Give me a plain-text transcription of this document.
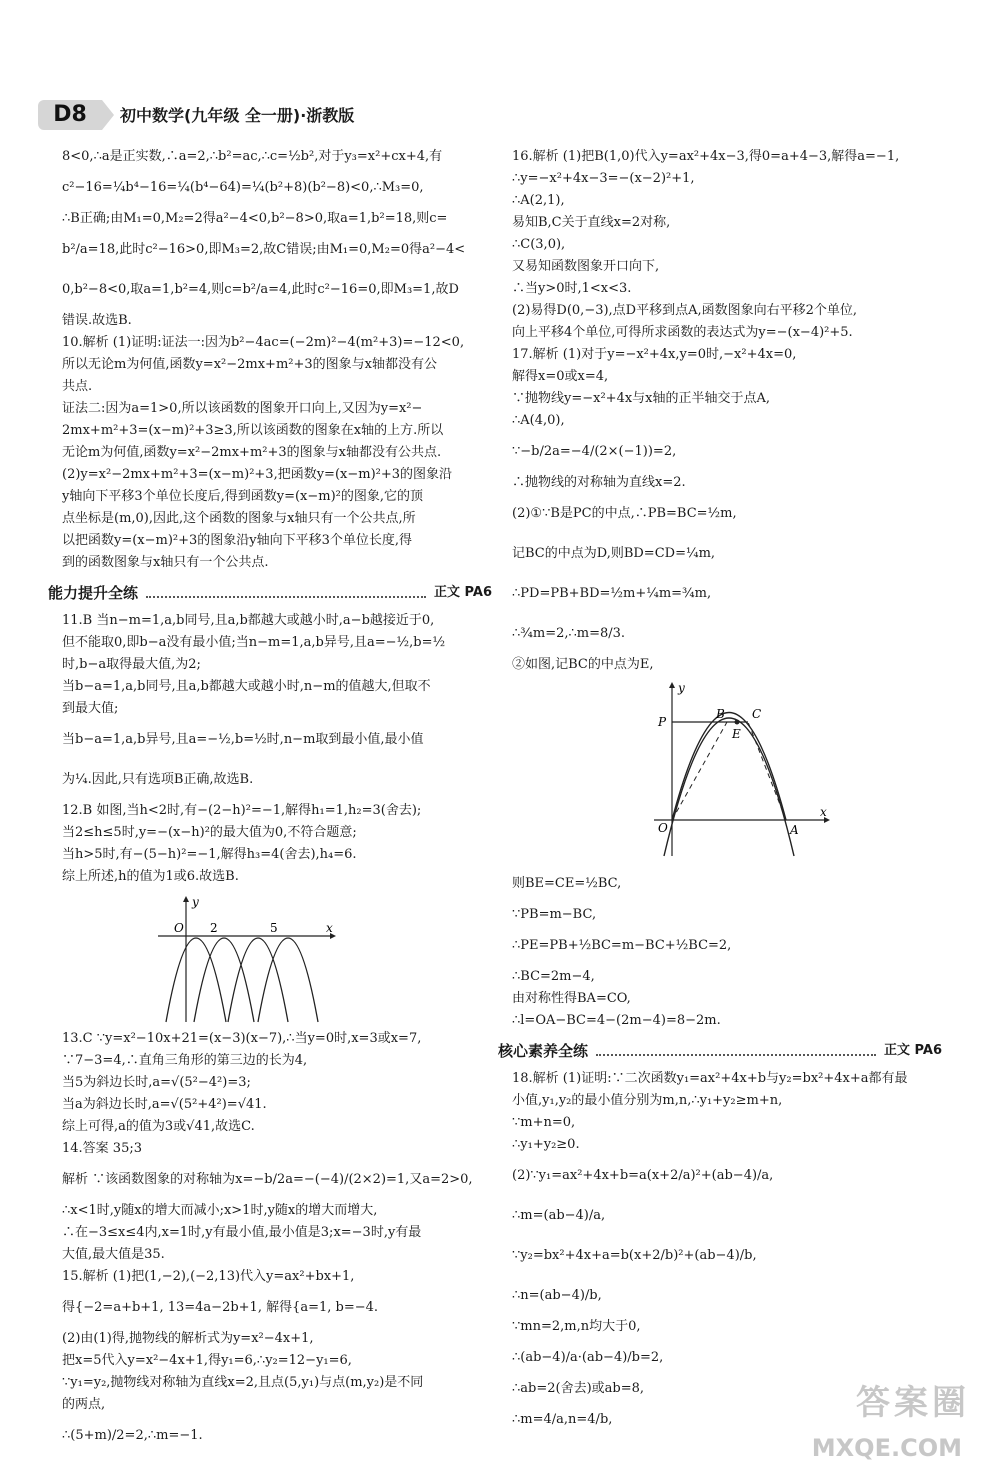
D8	初中数学(九年级 全一册)·浙教版
8<0,∴a是正实数,∴a=2,∴b²=ac,∴c=½b²,对于y₃=x²+cx+4,有
c²−16=¼b⁴−16=¼(b⁴−64)=¼(b²+8)(b²−8)<0,∴M₃=0,
∴B正确;由M₁=0,M₂=2得a²−4<0,b²−8>0,取a=1,b²=18,则c=
b²/a=18,此时c²−16>0,即M₃=2,故C错误;由M₁=0,M₂=0得a²−4<
0,b²−8<0,取a=1,b²=4,则c=b²/a=4,此时c²−16=0,即M₃=1,故D
错误.故选B.
10.解析 (1)证明:证法一:因为b²−4ac=(−2m)²−4(m²+3)=−12<0,
所以无论m为何值,函数y=x²−2mx+m²+3的图象与x轴都没有公
共点.
证法二:因为a=1>0,所以该函数的图象开口向上,又因为y=x²−
2mx+m²+3=(x−m)²+3≥3,所以该函数的图象在x轴的上方.所以
无论m为何值,函数y=x²−2mx+m²+3的图象与x轴都没有公共点.
(2)y=x²−2mx+m²+3=(x−m)²+3,把函数y=(x−m)²+3的图象沿
y轴向下平移3个单位长度后,得到函数y=(x−m)²的图象,它的顶
点坐标是(m,0),因此,这个函数的图象与x轴只有一个公共点,所
以把函数y=(x−m)²+3的图象沿y轴向下平移3个单位长度,得
到的函数图象与x轴只有一个公共点.
能力提升全练	正文 PA6
11.B 当n−m=1,a,b同号,且a,b都越大或越小时,a−b越接近于0,
但不能取0,即b−a没有最小值;当n−m=1,a,b异号,且a=−½,b=½
时,b−a取得最大值,为2;
当b−a=1,a,b同号,且a,b都越大或越小时,n−m的值越大,但取不
到最大值;
当b−a=1,a,b异号,且a=−½,b=½时,n−m取到最小值,最小值
为¼.因此,只有选项B正确,故选B.
12.B 如图,当h<2时,有−(2−h)²=−1,解得h₁=1,h₂=3(舍去);
当2≤h≤5时,y=−(x−h)²的最大值为0,不符合题意;
当h>5时,有−(5−h)²=−1,解得h₃=4(舍去),h₄=6.
综上所述,h的值为1或6.故选B.
y
x
O 2	5
13.C ∵y=x²−10x+21=(x−3)(x−7),∴当y=0时,x=3或x=7,
∵7−3=4,∴直角三角形的第三边的长为4,
当5为斜边长时,a=√(5²−4²)=3;
当a为斜边长时,a=√(5²+4²)=√41.
综上可得,a的值为3或√41,故选C.
14.答案 35;3
解析 ∵该函数图象的对称轴为x=−b/2a=−(−4)/(2×2)=1,又a=2>0,
∴x<1时,y随x的增大而减小;x>1时,y随x的增大而增大,
∴在−3≤x≤4内,x=1时,y有最小值,最小值是3;x=−3时,y有最
大值,最大值是35.
15.解析 (1)把(1,−2),(−2,13)代入y=ax²+bx+1,
得{−2=a+b+1, 13=4a−2b+1, 解得{a=1, b=−4.
(2)由(1)得,抛物线的解析式为y=x²−4x+1,
把x=5代入y=x²−4x+1,得y₁=6,∴y₂=12−y₁=6,
∵y₁=y₂,抛物线对称轴为直线x=2,且点(5,y₁)与点(m,y₂)是不同
的两点,
∴(5+m)/2=2,∴m=−1.
16.解析 (1)把B(1,0)代入y=ax²+4x−3,得0=a+4−3,解得a=−1,
∴y=−x²+4x−3=−(x−2)²+1,
∴A(2,1),
易知B,C关于直线x=2对称,
∴C(3,0),
又易知函数图象开口向下,
∴当y>0时,1<x<3.
(2)易得D(0,−3),点D平移到点A,函数图象向右平移2个单位,
向上平移4个单位,可得所求函数的表达式为y=−(x−4)²+5.
17.解析 (1)对于y=−x²+4x,y=0时,−x²+4x=0,
解得x=0或x=4,
∵抛物线y=−x²+4x与x轴的正半轴交于点A,
∴A(4,0),
∵−b/2a=−4/(2×(−1))=2,
∴抛物线的对称轴为直线x=2.
(2)①∵B是PC的中点,∴PB=BC=½m,
记BC的中点为D,则BD=CD=¼m,
∴PD=PB+BD=½m+¼m=¾m,
∴¾m=2,∴m=8/3.
②如图,记BC的中点为E,
y
x
O
P
B C
E
A
则BE=CE=½BC,
∵PB=m−BC,
∴PE=PB+½BC=m−BC+½BC=2,
∴BC=2m−4,
由对称性得BA=CO,
∴l=OA−BC=4−(2m−4)=8−2m.
核心素养全练	正文 PA6
18.解析 (1)证明:∵二次函数y₁=ax²+4x+b与y₂=bx²+4x+a都有最
小值,y₁,y₂的最小值分别为m,n,∴y₁+y₂≥m+n,
∵m+n=0,
∴y₁+y₂≥0.
(2)∵y₁=ax²+4x+b=a(x+2/a)²+(ab−4)/a,
∴m=(ab−4)/a,
∵y₂=bx²+4x+a=b(x+2/b)²+(ab−4)/b,
∴n=(ab−4)/b,
∵mn=2,m,n均大于0,
∴(ab−4)/a·(ab−4)/b=2,
∴ab=2(舍去)或ab=8,
∴m=4/a,n=4/b,	答案圈
MXQE.COM
